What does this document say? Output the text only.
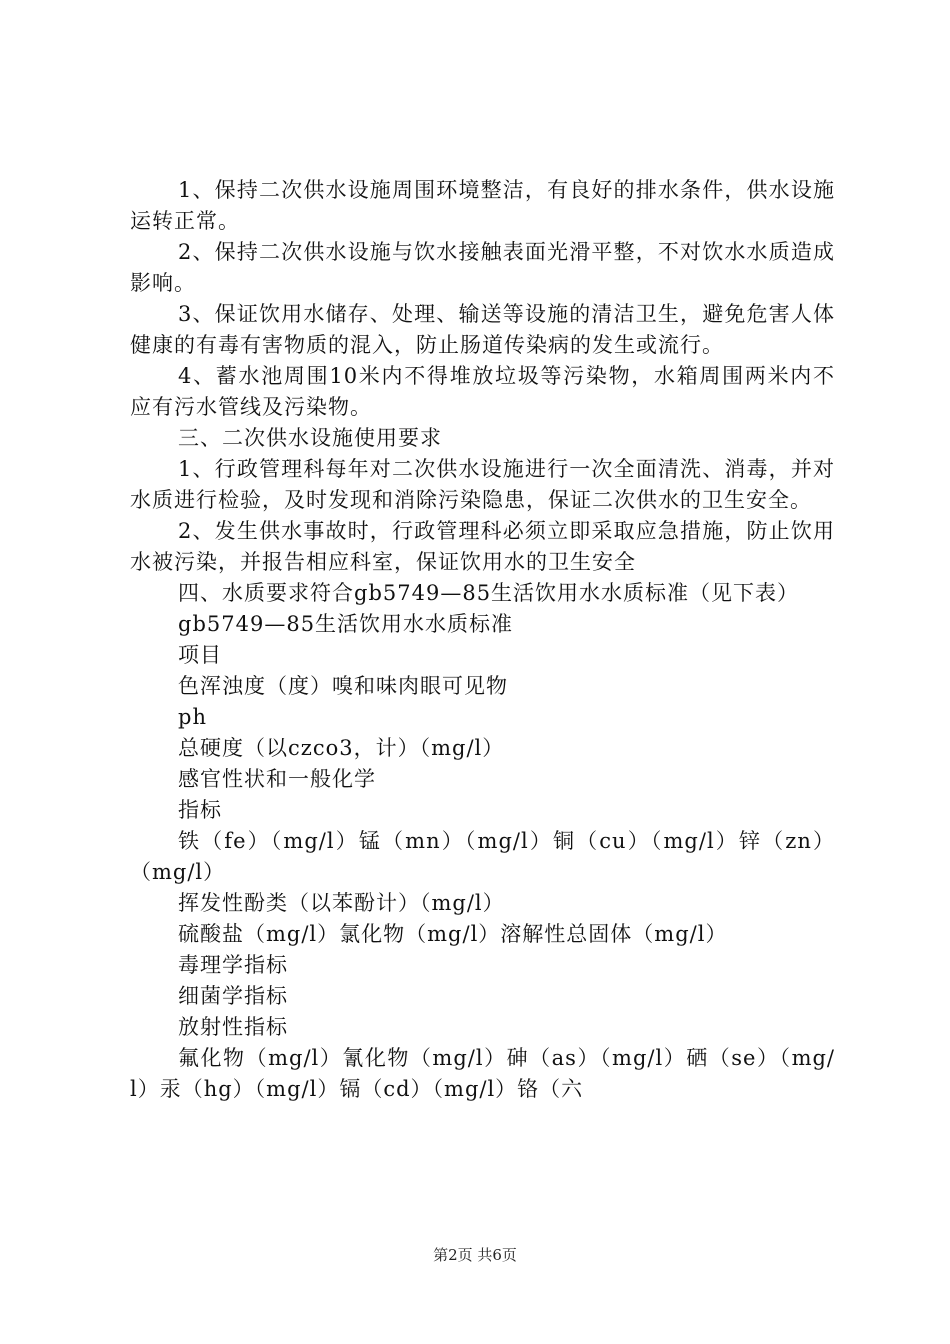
1、保持二次供水设施周围环境整洁，有良好的排水条件，供水设施运转正常。

2、保持二次供水设施与饮水接触表面光滑平整，不对饮水水质造成影响。

3、保证饮用水储存、处理、输送等设施的清洁卫生，避免危害人体健康的有毒有害物质的混入，防止肠道传染病的发生或流行。

4、蓄水池周围10米内不得堆放垃圾等污染物，水箱周围两米内不应有污水管线及污染物。

三、二次供水设施使用要求

1、行政管理科每年对二次供水设施进行一次全面清洗、消毒，并对水质进行检验，及时发现和消除污染隐患，保证二次供水的卫生安全。

2、发生供水事故时，行政管理科必须立即采取应急措施，防止饮用水被污染，并报告相应科室，保证饮用水的卫生安全

四、水质要求符合gb5749—85生活饮用水水质标准（见下表）

gb5749—85生活饮用水水质标准

项目

色浑浊度（度）嗅和味肉眼可见物

ph

总硬度（以czco3，计）（mg/l）

感官性状和一般化学

指标

铁（fe）（mg/l）锰（mn）（mg/l）铜（cu）（mg/l）锌（zn）（mg/l）

挥发性酚类（以苯酚计）（mg/l）

硫酸盐（mg/l）氯化物（mg/l）溶解性总固体（mg/l）

毒理学指标

细菌学指标

放射性指标

氟化物（mg/l）氰化物（mg/l）砷（as）（mg/l）硒（se）（mg/l）汞（hg）（mg/l）镉（cd）（mg/l）铬（六

第2页 共6页
